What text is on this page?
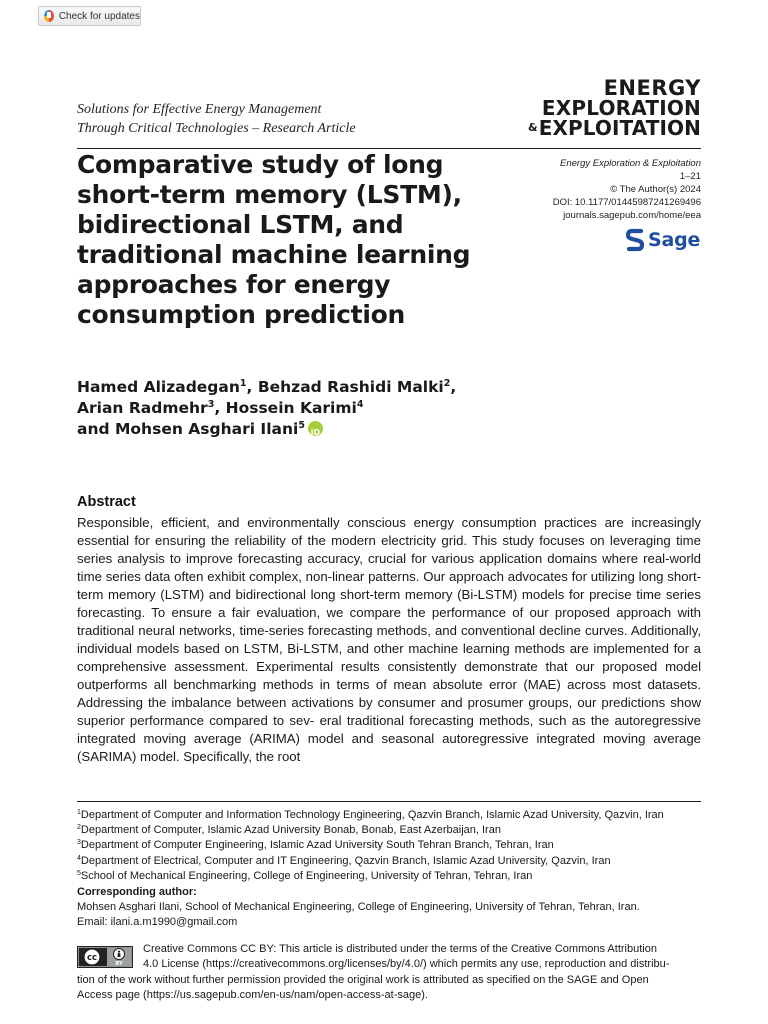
Check for updates
Solutions for Effective Energy Management
Through Critical Technologies – Research Article
ENERGY
EXPLORATION
&EXPLOITATION
Comparative study of long
short-term memory (LSTM),
bidirectional LSTM, and
traditional machine learning
approaches for energy
consumption prediction
Energy Exploration & Exploitation
1–21
© The Author(s) 2024
DOI: 10.1177/01445987241269496
journals.sagepub.com/home/eea
Sage
Hamed Alizadegan$^1$, Behzad Rashidi Malki$^2$,
Arian Radmehr$^3$, Hossein Karimi$^4$
and Mohsen Asghari Ilani$^5$iD
Abstract
Responsible, efficient, and environmentally conscious energy consumption practices are increasingly essential for ensuring the reliability of the modern electricity grid. This study focuses on leveraging time series analysis to improve forecasting accuracy, crucial for various application domains where real-world time series data often exhibit complex, non-linear patterns. Our approach advocates for utilizing long short-term memory (LSTM) and bidirectional long short-term memory (Bi-LSTM) models for precise time series forecasting. To ensure a fair evaluation, we compare the performance of our proposed approach with traditional neural networks, time-series forecasting methods, and conventional decline curves. Additionally, individual models based on LSTM, Bi-LSTM, and other machine learning methods are implemented for a comprehensive assessment. Experimental results consistently demonstrate that our proposed model outperforms all benchmarking methods in terms of mean absolute error (MAE) across most datasets. Addressing the imbalance between activations by consumer and prosumer groups, our predictions show superior performance compared to sev- eral traditional forecasting methods, such as the autoregressive integrated moving average (ARIMA) model and seasonal autoregressive integrated moving average (SARIMA) model. Specifically, the root
$^1$Department of Computer and Information Technology Engineering, Qazvin Branch, Islamic Azad University, Qazvin, Iran
$^2$Department of Computer, Islamic Azad University Bonab, Bonab, East Azerbaijan, Iran
$^3$Department of Computer Engineering, Islamic Azad University South Tehran Branch, Tehran, Iran
$^4$Department of Electrical, Computer and IT Engineering, Qazvin Branch, Islamic Azad University, Qazvin, Iran
$^5$School of Mechanical Engineering, College of Engineering, University of Tehran, Tehran, Iran
Corresponding author:
Mohsen Asghari Ilani, School of Mechanical Engineering, College of Engineering, University of Tehran, Tehran, Iran.
Email: ilani.a.m1990@gmail.com
cc
BY
Creative Commons CC BY: This article is distributed under the terms of the Creative Commons Attribution
4.0 License (https://creativecommons.org/licenses/by/4.0/) which permits any use, reproduction and distribu-
tion of the work without further permission provided the original work is attributed as specified on the SAGE and Open
Access page (https://us.sagepub.com/en-us/nam/open-access-at-sage).
